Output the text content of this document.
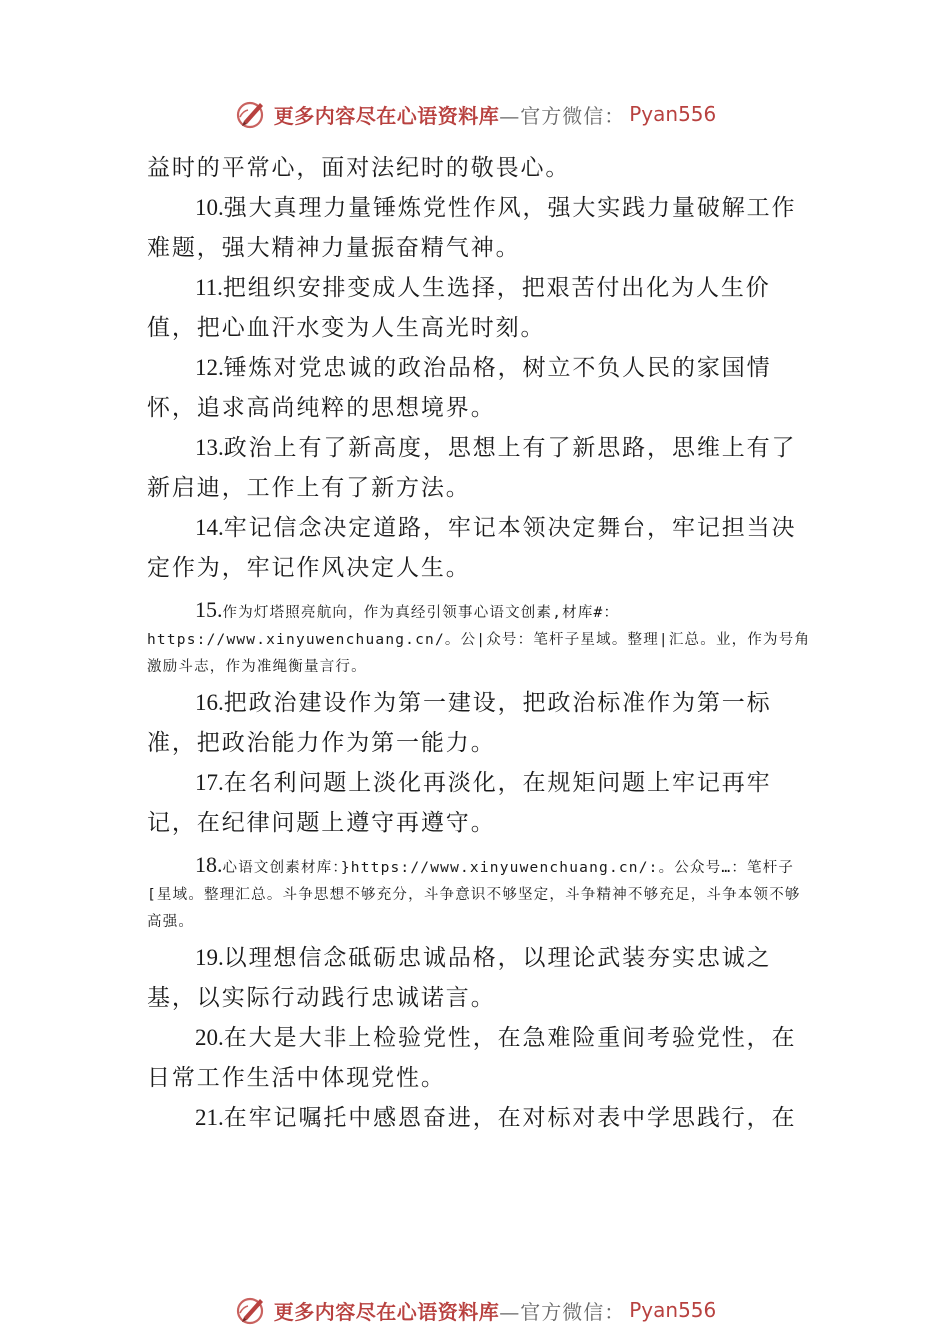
更多内容尽在心语资料库 —官方微信： Pyan556

益时的平常心，面对法纪时的敬畏心。

10.强大真理力量锤炼党性作风，强大实践力量破解工作难题，强大精神力量振奋精气神。

11.把组织安排变成人生选择，把艰苦付出化为人生价值，把心血汗水变为人生高光时刻。

12.锤炼对党忠诚的政治品格，树立不负人民的家国情怀，追求高尚纯粹的思想境界。

13.政治上有了新高度，思想上有了新思路，思维上有了新启迪，工作上有了新方法。

14.牢记信念决定道路，牢记本领决定舞台，牢记担当决定作为，牢记作风决定人生。

15.作为灯塔照亮航向，作为真经引领事心语文创素,材库#：https://www.xinyuwenchuang.cn/。公|众号：笔杆子星域。整理|汇总。业，作为号角激励斗志，作为准绳衡量言行。

16.把政治建设作为第一建设，把政治标准作为第一标准，把政治能力作为第一能力。

17.在名利问题上淡化再淡化，在规矩问题上牢记再牢记，在纪律问题上遵守再遵守。

18.心语文创素材库：}https://www.xinyuwenchuang.cn/:。公众号…：笔杆子[星域。整理汇总。斗争思想不够充分，斗争意识不够坚定，斗争精神不够充足，斗争本领不够高强。

19.以理想信念砥砺忠诚品格，以理论武装夯实忠诚之基，以实际行动践行忠诚诺言。

20.在大是大非上检验党性，在急难险重间考验党性，在日常工作生活中体现党性。

21.在牢记嘱托中感恩奋进，在对标对表中学思践行，在

更多内容尽在心语资料库 —官方微信： Pyan556
